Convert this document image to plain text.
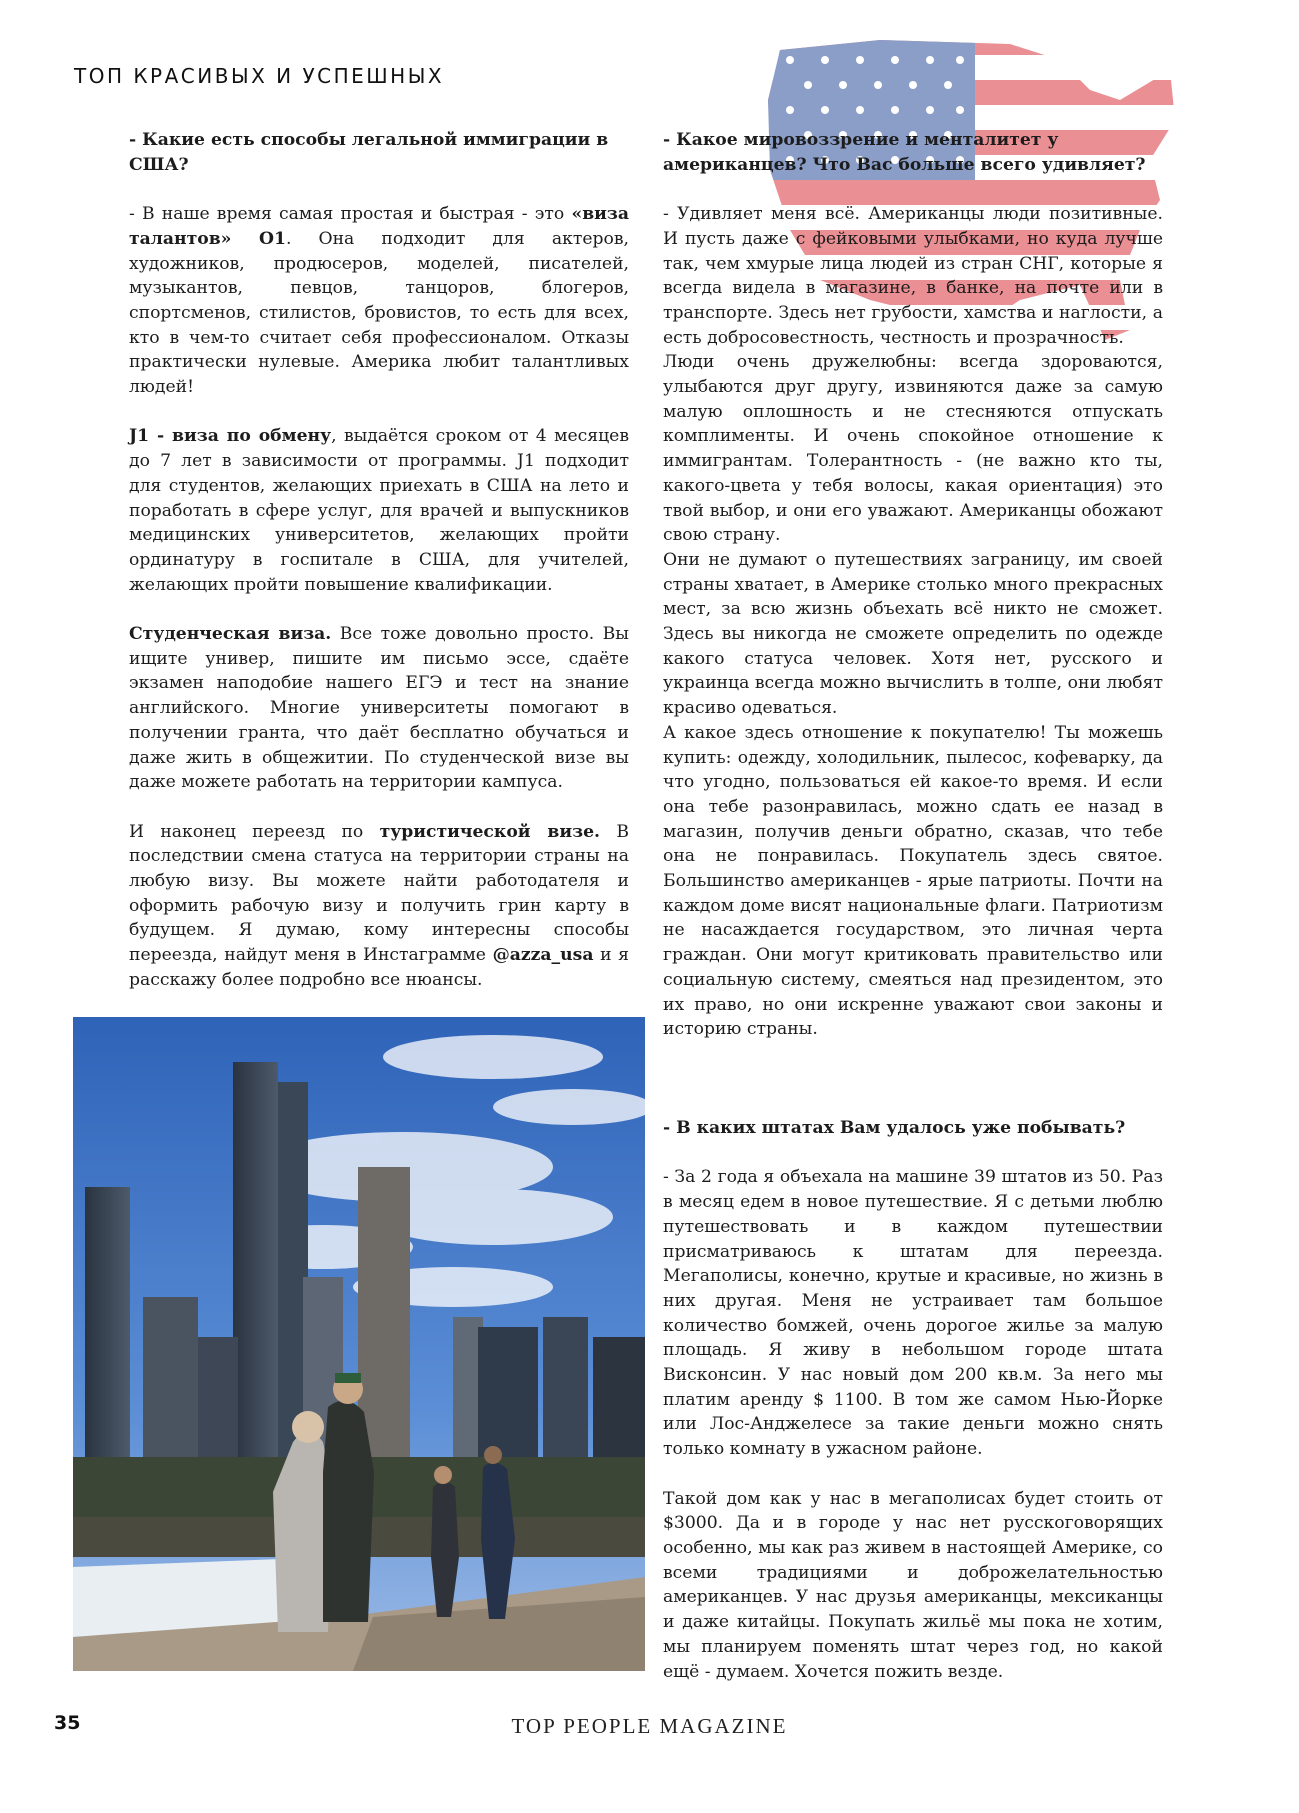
ТОП КРАСИВЫХ И УСПЕШНЫХ

- Какие есть способы легальной иммиграции в США?

- В наше время самая простая и быстрая - это «виза талантов» О1. Она подходит для актеров, художников, продюсеров, моделей, писателей, музыкантов, певцов, танцоров, блогеров, спортсменов, стилистов, бровистов, то есть для всех, кто в чем-то считает себя профессионалом. Отказы практически нулевые. Америка любит талантливых людей!

J1 - виза по обмену, выдаётся сроком от 4 месяцев до 7 лет в зависимости от программы. J1 подходит для студентов, желающих приехать в США на лето и поработать в сфере услуг, для врачей и выпускников медицинских университетов, желающих пройти ординатуру в госпитале в США, для учителей, желающих пройти повышение квалификации.

Студенческая виза. Все тоже довольно просто. Вы ищите универ, пишите им письмо эссе, сдаёте экзамен наподобие нашего ЕГЭ и тест на знание английского. Многие университеты помогают в получении гранта, что даёт бесплатно обучаться и даже жить в общежитии. По студенческой визе вы даже можете работать на территории кампуса.

И наконец переезд по туристической визе. В последствии смена статуса на территории страны на любую визу. Вы можете найти работодателя и оформить рабочую визу и получить грин карту в будущем. Я думаю, кому интересны способы переезда, найдут меня в Инстаграмме @azza_usa и я расскажу более подробно все нюансы.

- Какое мировоззрение и менталитет у американцев? Что Вас больше всего удивляет?

- Удивляет меня всё. Американцы люди позитивные. И пусть даже с фейковыми улыбками, но куда лучше так, чем хмурые лица людей из стран СНГ, которые я всегда видела в магазине, в банке, на почте или в транспорте. Здесь нет грубости, хамства и наглости, а есть добросовестность, честность и прозрачность.

Люди очень дружелюбны: всегда здороваются, улыбаются друг другу, извиняются даже за самую малую оплошность и не стесняются отпускать комплименты. И очень спокойное отношение к иммигрантам. Толерантность - (не важно кто ты, какого-цвета у тебя волосы, какая ориентация) это твой выбор, и они его уважают. Американцы обожают свою страну.

Они не думают о путешествиях заграницу, им своей страны хватает, в Америке столько много прекрасных мест, за всю жизнь объехать всё никто не сможет. Здесь вы никогда не сможете определить по одежде какого статуса человек. Хотя нет, русского и украинца всегда можно вычислить в толпе, они любят красиво одеваться.

А какое здесь отношение к покупателю! Ты можешь купить: одежду, холодильник, пылесос, кофеварку, да что угодно, пользоваться ей какое-то время. И если она тебе разонравилась, можно сдать ее назад в магазин, получив деньги обратно, сказав, что тебе она не понравилась. Покупатель здесь святое. Большинство американцев - ярые патриоты. Почти на каждом доме висят национальные флаги. Патриотизм не насаждается государством, это личная черта граждан. Они могут критиковать правительство или социальную систему, смеяться над президентом, это их право, но они искренне уважают свои законы и историю страны.

- В каких штатах Вам удалось уже побывать?

- За 2 года я объехала на машине 39 штатов из 50. Раз в месяц едем в новое путешествие. Я с детьми люблю путешествовать и в каждом путешествии присматриваюсь к штатам для переезда. Мегаполисы, конечно, крутые и красивые, но жизнь в них другая. Меня не устраивает там большое количество бомжей, очень дорогое жилье за малую площадь. Я живу в небольшом городе штата Висконсин. У нас новый дом 200 кв.м. За него мы платим аренду $ 1100. В том же самом Нью-Йорке или Лос-Анджелесе за такие деньги можно снять только комнату в ужасном районе.

Такой дом как у нас в мегаполисах будет стоить от $3000. Да и в городе у нас нет русскоговорящих особенно, мы как раз живем в настоящей Америке, со всеми традициями и доброжелательностью американцев. У нас друзья американцы, мексиканцы и даже китайцы. Покупать жильё мы пока не хотим, мы планируем поменять штат через год, но какой ещё - думаем. Хочется пожить везде.

35	TOP PEOPLE MAGAZINE
